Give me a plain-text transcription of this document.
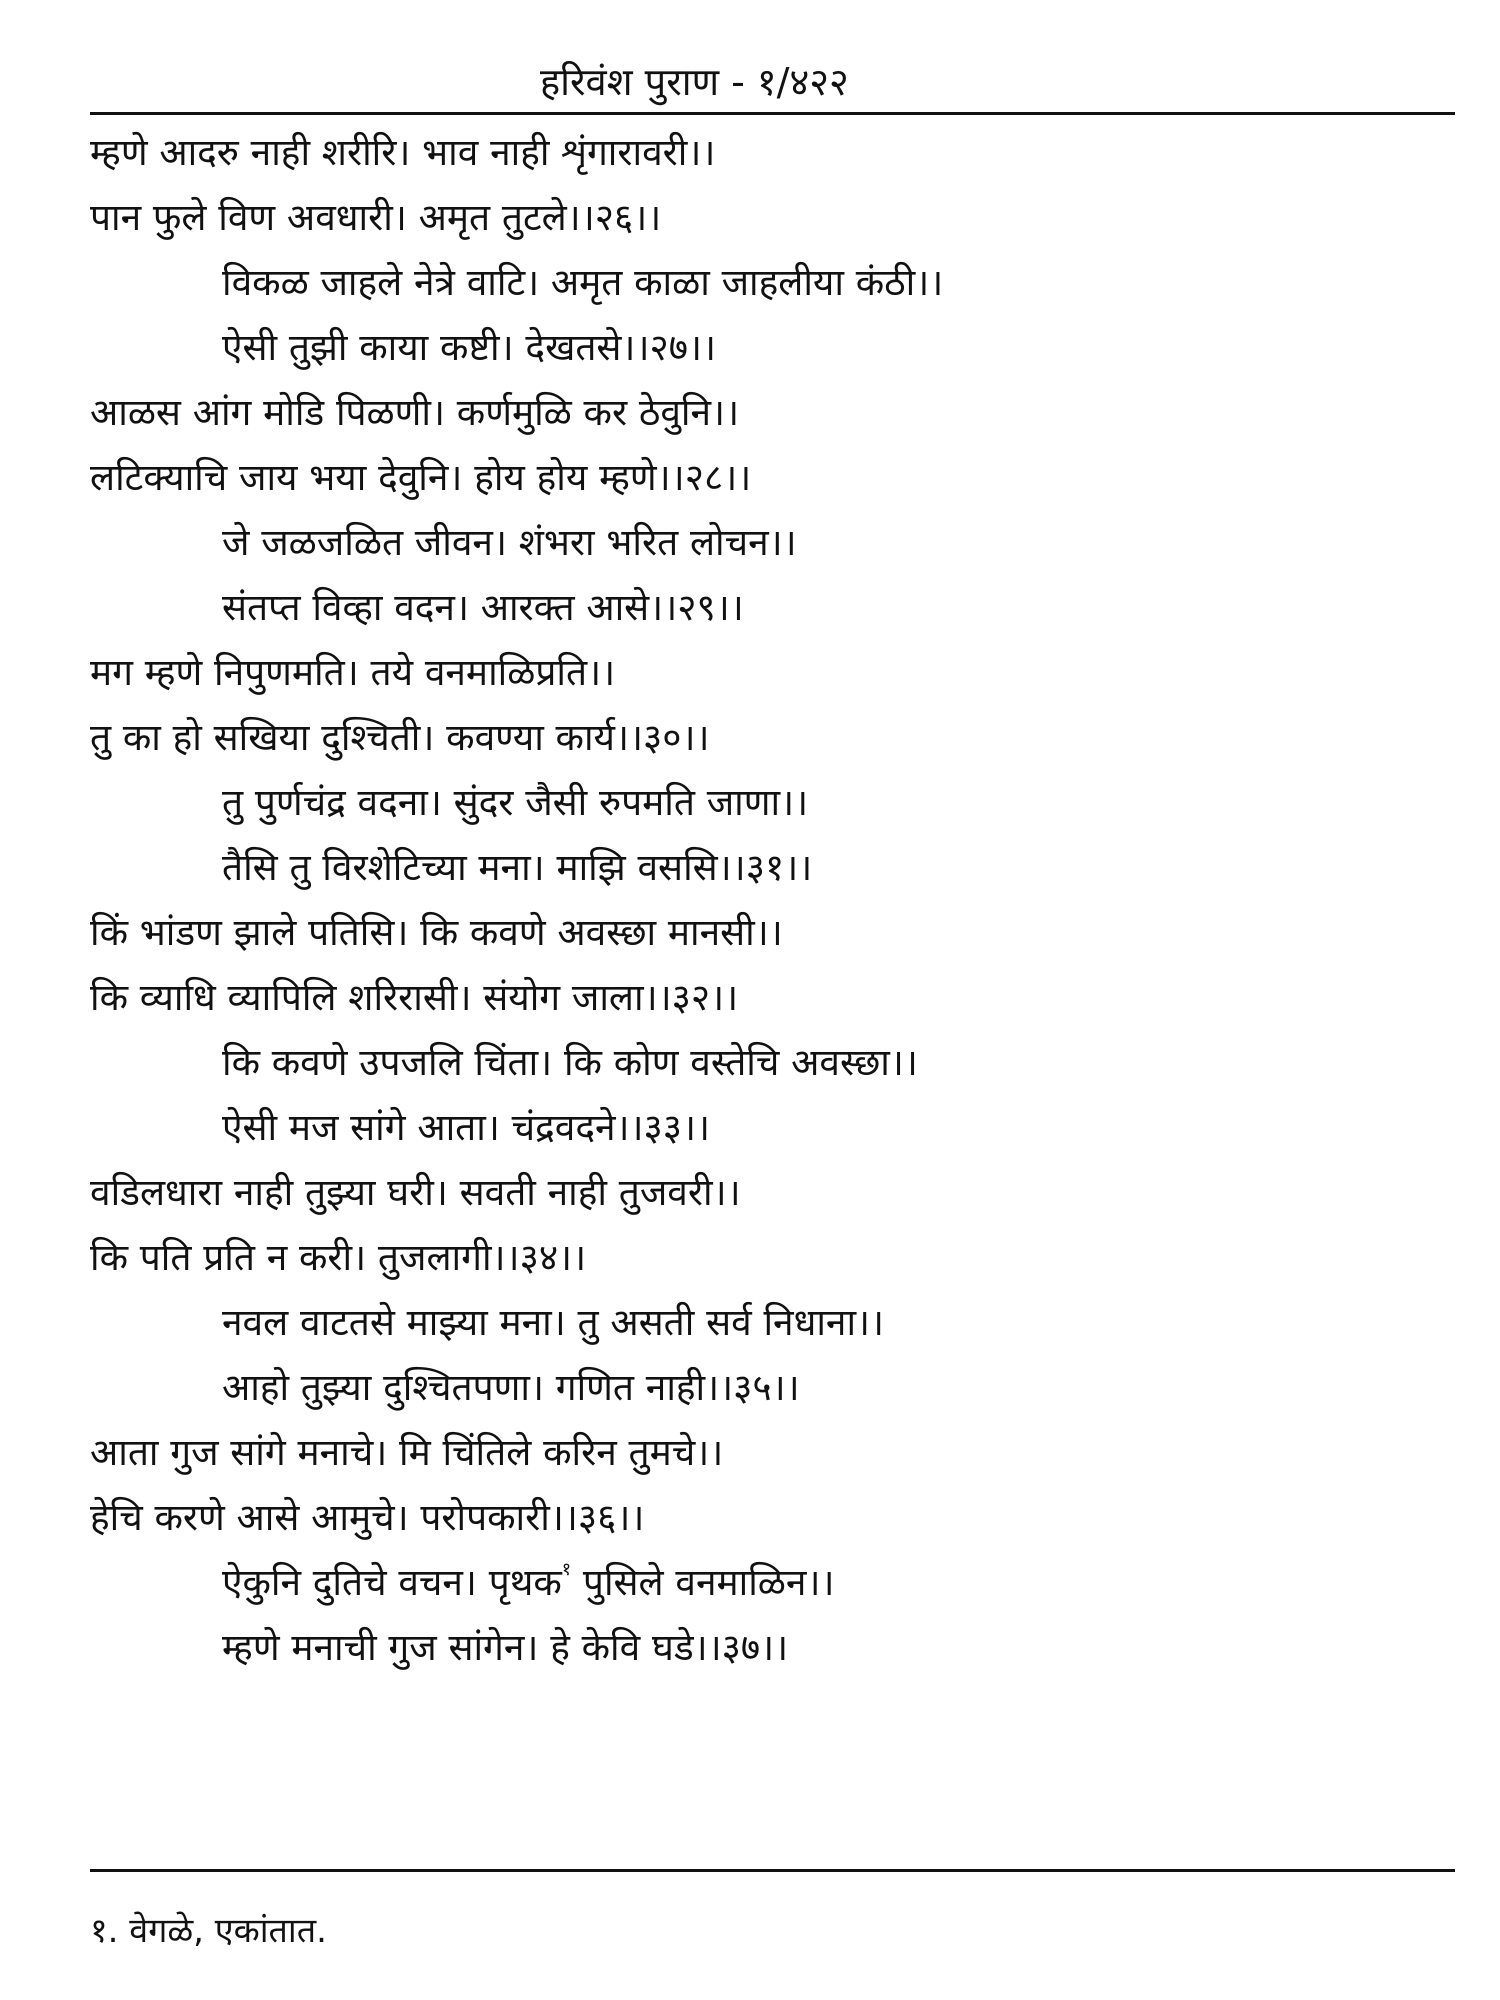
हरिवंश पुराण - १/४२२
म्हणे आदरु नाही शरीरि। भाव नाही शृंगारावरी।।
पान फुले विण अवधारी। अमृत तुटले।।२६।।
विकळ जाहले नेत्रे वाटि। अमृत काळा जाहलीया कंठी।।
ऐसी तुझी काया कष्टी। देखतसे।।२७।।
आळस आंग मोडि पिळणी। कर्णमुळि कर ठेवुनि।।
लटिक्याचि जाय भया देवुनि। होय होय म्हणे।।२८।।
जे जळजळित जीवन। शंभरा भरित लोचन।।
संतप्त विव्हा वदन। आरक्त आसे।।२९।।
मग म्हणे निपुणमति। तये वनमाळिप्रति।।
तु का हो सखिया दुश्चिती। कवण्या कार्य।।३०।।
तु पुर्णचंद्र वदना। सुंदर जैसी रुपमति जाणा।।
तैसि तु विरशेटिच्या मना। माझि वससि।।३१।।
किं भांडण झाले पतिसि। कि कवणे अवस्छा मानसी।।
कि व्याधि व्यापिलि शरिरासी। संयोग जाला।।३२।।
कि कवणे उपजलि चिंता। कि कोण वस्तेचि अवस्छा।।
ऐसी मज सांगे आता। चंद्रवदने।।३३।।
वडिलधारा नाही तुझ्या घरी। सवती नाही तुजवरी।।
कि पति प्रति न करी। तुजलागी।।३४।।
नवल वाटतसे माझ्या मना। तु असती सर्व निधाना।।
आहो तुझ्या दुश्चितपणा। गणित नाही।।३५।।
आता गुज सांगे मनाचे। मि चिंतिले करिन तुमचे।।
हेचि करणे आसे आमुचे। परोपकारी।।३६।।
ऐकुनि दुतिचे वचन। पृथक$^१$ पुसिले वनमाळिन।।
म्हणे मनाची गुज सांगेन। हे केवि घडे।।३७।।
१. वेगळे, एकांतात.
